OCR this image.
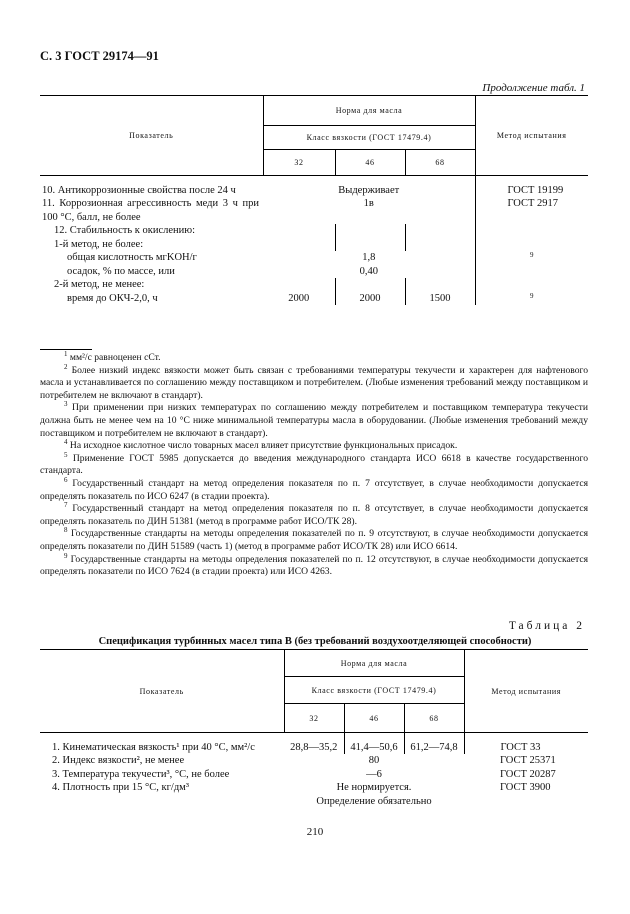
С. 3 ГОСТ 29174—91
Продолжение табл. 1
Показатель	Норма для масла			Метод испытания
	Класс вязкости (ГОСТ 17479.4)			
	32	46	68	

10. Антикоррозионные свойства после 24 ч	Выдерживает			ГОСТ 19199
11. Коррозионная агрессивность меди 3 ч при 100 °С, балл, не более	1в			ГОСТ 2917
12. Стабильность к окислению:				
1-й метод, не более:				
общая кислотность мгKOH/г	1,8			9
осадок, % по массе, или	0,40			
2-й метод, не менее:				
время до ОКЧ-2,0, ч	2000	2000	1500	9

$^1$ мм²/с равноценен сСт.

$^2$ Более низкий индекс вязкости может быть связан с требованиями температуры текучести и характерен для нафтенового масла и устанавливается по соглашению между поставщиком и потребителем. (Любые изменения требований между поставщиком и потребителем не включают в стандарт).

$^3$ При применении при низких температурах по соглашению между потребителем и поставщиком температура текучести должна быть не менее чем на 10 °С ниже минимальной температуры масла в оборудовании. (Любые изменения требований между поставщиком и потребителем не включают в стандарт).

$^4$ На исходное кислотное число товарных масел влияет присутствие функциональных присадок.

$^5$ Применение ГОСТ 5985 допускается до введения международного стандарта ИСО 6618 в качестве государственного стандарта.

$^6$ Государственный стандарт на метод определения показателя по п. 7 отсутствует, в случае необходимости допускается определять показатель по ИСО 6247 (в стадии проекта).

$^7$ Государственный стандарт на метод определения показателя по п. 8 отсутствует, в случае необходимости допускается определять показатель по ДИН 51381 (метод в программе работ ИСО/ТК 28).

$^8$ Государственные стандарты на методы определения показателей по п. 9 отсутствуют, в случае необходимости допускается определять показатели по ДИН 51589 (часть 1) (метод в программе работ ИСО/ТК 28) или ИСО 6614.

$^9$ Государственные стандарты на методы определения показателей по п. 12 отсутствуют, в случае необходимости допускается определять показатели по ИСО 7624 (в стадии проекта) или ИСО 4263.

Таблица 2
Спецификация турбинных масел типа В (без требований воздухоотделяющей способности)
Показатель	Норма для масла			Метод испытания
	Класс вязкости (ГОСТ 17479.4)			
	32	46	68	

1. Кинематическая вязкость¹ при 40 °С, мм²/с	28,8—35,2	41,4—50,6	61,2—74,8	ГОСТ 33
2. Индекс вязкости², не менее	80			ГОСТ 25371
3. Температура текучести³, °С, не более	—6			ГОСТ 20287
4. Плотность при 15 °С, кг/дм³	Не нормируется. Определение обязательно			ГОСТ 3900
210
